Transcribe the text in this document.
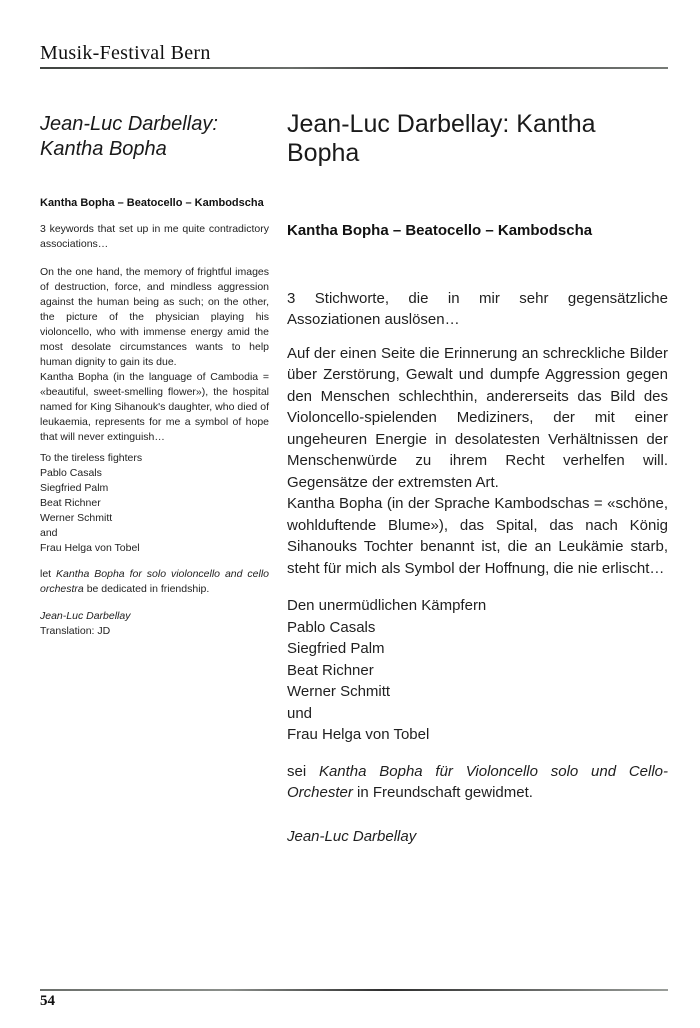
Musik-Festival Bern
Jean-Luc Darbellay:
Kantha Bopha
Kantha Bopha – Beatocello – Kambodscha
3 keywords that set up in me quite contradictory associations…
On the one hand, the memory of frightful images of destruction, force, and mindless aggression against the human being as such; on the other, the picture of the physician playing his violoncello, who with immense energy amid the most desolate circumstances wants to help human dignity to gain its due.
Kantha Bopha (in the language of Cambodia = «beautiful, sweet-smelling flower»), the hospital named for King Sihanouk's daughter, who died of leukaemia, represents for me a symbol of hope that will never extinguish…
To the tireless fighters
Pablo Casals
Siegfried Palm
Beat Richner
Werner Schmitt
and
Frau Helga von Tobel
let Kantha Bopha for solo violoncello and cello orchestra be dedicated in friendship.
Jean-Luc Darbellay
Translation: JD
Jean-Luc Darbellay: Kantha Bopha
Kantha Bopha – Beatocello – Kambodscha
3 Stichworte, die in mir sehr gegensätzliche Assoziationen auslösen…
Auf der einen Seite die Erinnerung an schreckliche Bilder über Zerstörung, Gewalt und dumpfe Aggression gegen den Menschen schlechthin, andererseits das Bild des Violoncello-spielenden Mediziners, der mit einer ungeheuren Energie in desolatesten Verhältnissen der Menschenwürde zu ihrem Recht verhelfen will. Gegensätze der extremsten Art.
Kantha Bopha (in der Sprache Kambodschas = «schöne, wohlduftende Blume»), das Spital, das nach König Sihanouks Tochter benannt ist, die an Leukämie starb, steht für mich als Symbol der Hoffnung, die nie erlischt…
Den unermüdlichen Kämpfern
Pablo Casals
Siegfried Palm
Beat Richner
Werner Schmitt
und
Frau Helga von Tobel
sei Kantha Bopha für Violoncello solo und Cello-Orchester in Freundschaft gewidmet.
Jean-Luc Darbellay
54
